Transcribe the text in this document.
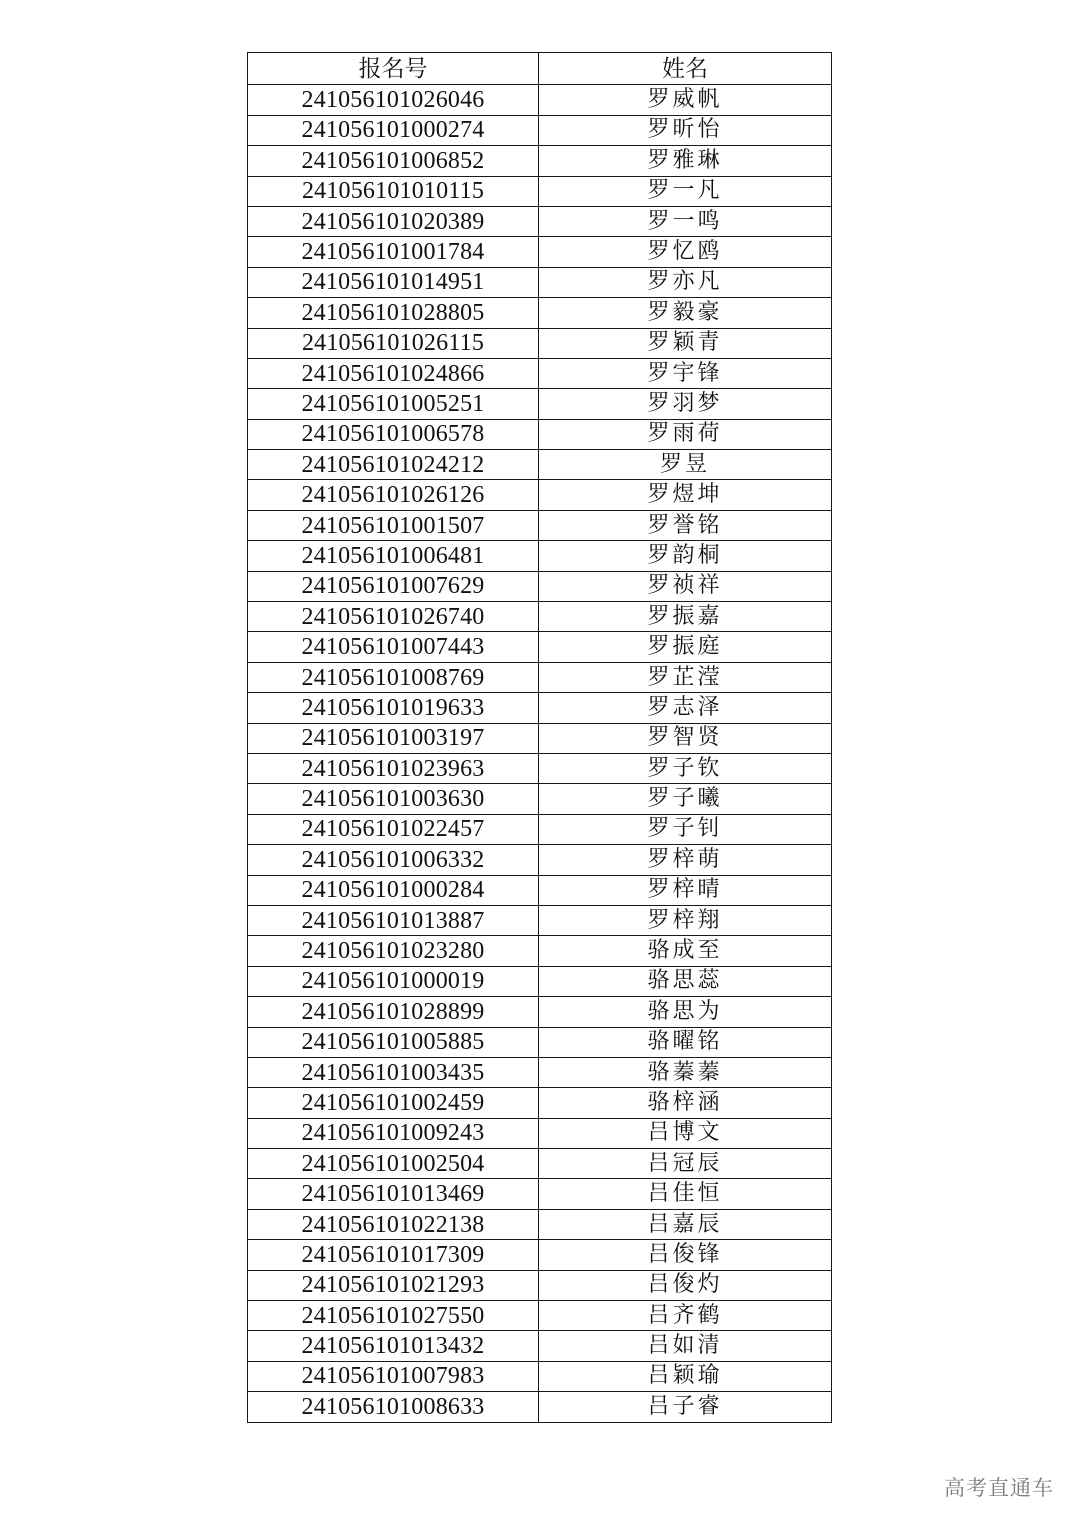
报名号	姓名
241056101026046	罗威帆
241056101000274	罗昕怡
241056101006852	罗雅琳
241056101010115	罗一凡
241056101020389	罗一鸣
241056101001784	罗忆鸥
241056101014951	罗亦凡
241056101028805	罗毅豪
241056101026115	罗颖青
241056101024866	罗宇锋
241056101005251	罗羽梦
241056101006578	罗雨荷
241056101024212	罗昱
241056101026126	罗煜坤
241056101001507	罗誉铭
241056101006481	罗韵桐
241056101007629	罗祯祥
241056101026740	罗振嘉
241056101007443	罗振庭
241056101008769	罗芷滢
241056101019633	罗志泽
241056101003197	罗智贤
241056101023963	罗子钦
241056101003630	罗子曦
241056101022457	罗子钊
241056101006332	罗梓萌
241056101000284	罗梓晴
241056101013887	罗梓翔
241056101023280	骆成至
241056101000019	骆思蕊
241056101028899	骆思为
241056101005885	骆曜铭
241056101003435	骆蓁蓁
241056101002459	骆梓涵
241056101009243	吕博文
241056101002504	吕冠辰
241056101013469	吕佳恒
241056101022138	吕嘉辰
241056101017309	吕俊锋
241056101021293	吕俊灼
241056101027550	吕齐鹤
241056101013432	吕如清
241056101007983	吕颖瑜
241056101008633	吕子睿
高考直通车
